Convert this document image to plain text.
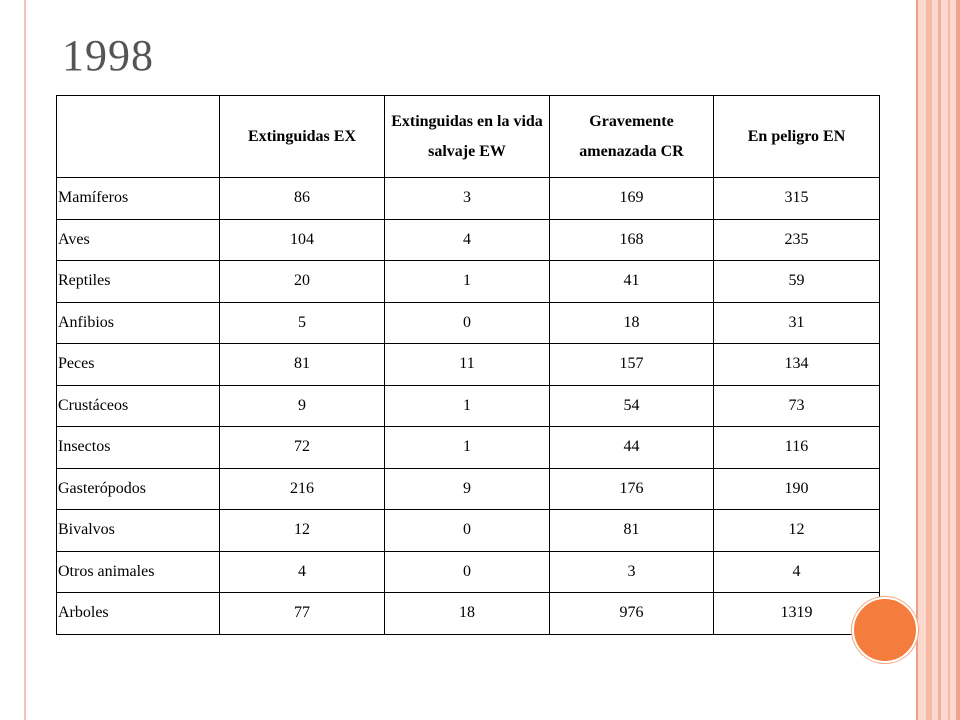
1998
	Extinguidas EX	Extinguidas en la vida salvaje EW	Gravemente amenazada CR	En peligro EN
Mamíferos	86	3	169	315
Aves	104	4	168	235
Reptiles	20	1	41	59
Anfibios	5	0	18	31
Peces	81	11	157	134
Crustáceos	9	1	54	73
Insectos	72	1	44	116
Gasterópodos	216	9	176	190
Bivalvos	12	0	81	12
Otros animales	4	0	3	4
Arboles	77	18	976	1319
